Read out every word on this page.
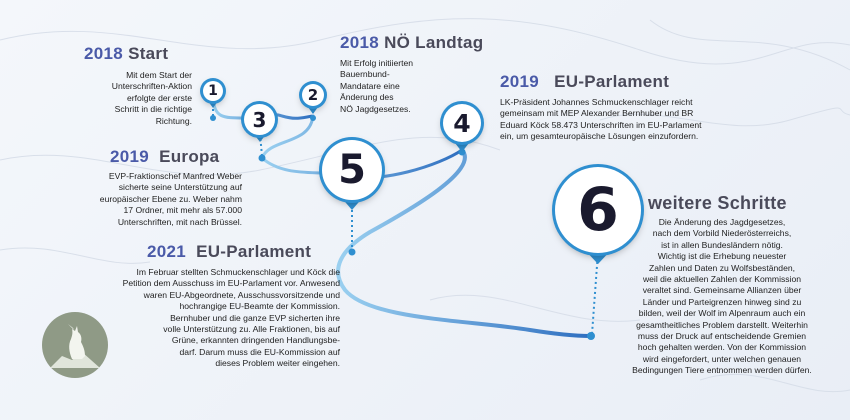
1	2
3	4
5
6
2018 Start

Mit dem Start der

Unterschriften-Aktion

erfolgte der erste

Schritt in die richtige

Richtung.

2018 NÖ Landtag

Mit Erfolg initiierten

Bauernbund-

Mandatare eine

Änderung des

NÖ Jagdgesetzes.

2019 EU-Parlament

LK-Präsident Johannes Schmuckenschlager reicht

gemeinsam mit MEP Alexander Bernhuber und BR

Eduard Köck 58.473 Unterschriften im EU-Parlament

ein, um gesamteuropäische Lösungen einzufordern.

2019 Europa

EVP-Fraktionschef Manfred Weber

sicherte seine Unterstützung auf

europäischer Ebene zu. Weber nahm

17 Ordner, mit mehr als 57.000

Unterschriften, mit nach Brüssel.

2021 EU-Parlament

Im Februar stellten Schmuckenschlager und Köck die

Petition dem Ausschuss im EU-Parlament vor. Anwesend

waren EU-Abgeordnete, Ausschussvorsitzende und

hochrangige EU-Beamte der Kommission.

Bernhuber und die ganze EVP sicherten ihre

volle Unterstützung zu. Alle Fraktionen, bis auf

Grüne, erkannten dringenden Handlungsbe-

darf. Darum muss die EU-Kommission auf

dieses Problem weiter eingehen.

weitere Schritte

Die Änderung des Jagdgesetzes,

nach dem Vorbild Niederösterreichs,

ist in allen Bundesländern nötig.

Wichtig ist die Erhebung neuester

Zahlen und Daten zu Wolfsbeständen,

weil die aktuellen Zahlen der Kommission

veraltet sind. Gemeinsame Allianzen über

Länder und Parteigrenzen hinweg sind zu

bilden, weil der Wolf im Alpenraum auch ein

gesamtheitliches Problem darstellt. Weiterhin

muss der Druck auf entscheidende Gremien

hoch gehalten werden. Von der Kommission

wird eingefordert, unter welchen genauen

Bedingungen Tiere entnommen werden dürfen.
